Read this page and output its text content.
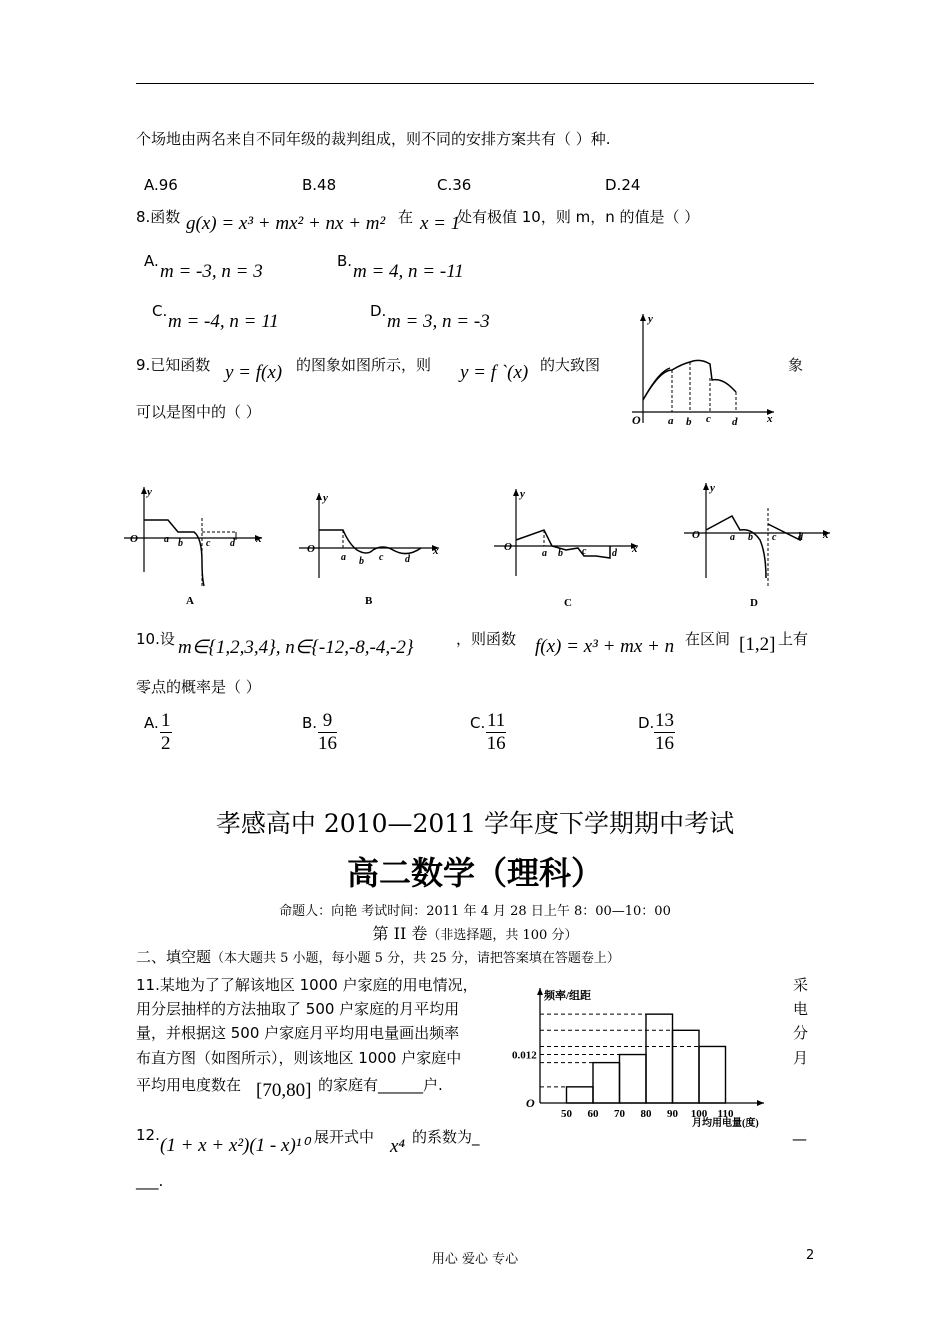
个场地由两名来自不同年级的裁判组成，则不同的安排方案共有（ ）种.
A.96	B.48	C.36	D.24
8.函数 g(x) = x³ + mx² + nx + m² 在 x = 1
处有极值 10，则 m，n 的值是（ ）
A. m = -3, n = 3	B. m = 4, n = -11
C. m = -4, n = 11	D. m = 3, n = -3
9.已知函数 y = f(x) 的图象如图所示，则 y = f `(x) 的大致图	象
可以是图中的（ ）
y
O	x
a b c d
y
O	x
a b c d
A
y
O	x
a b c d
B
y
O	x
a b c	d
C
y
O	x
a b c d
D
10.设 m∈{1,2,3,4}, n∈{-12,-8,-4,-2}	，则函数 f(x) = x³ + mx + n 在区间 [1,2] 上有
零点的概率是（ ）
A. $\frac{1}{2}$	B. $\frac{9}{16}$	C. $\frac{11}{16}$	D. $\frac{13}{16}$
孝感高中 2010—2011 学年度下学期期中考试
高二数学（理科）
命题人：向艳 考试时间：2011 年 4 月 28 日上午 8：00—10：00
第 II 卷（非选择题，共 100 分）
二、填空题（本大题共 5 小题，每小题 5 分，共 25 分，请把答案填在答题卷上）
11.某地为了了解该地区 1000 户家庭的用电情况，
用分层抽样的方法抽取了 500 户家庭的月平均用
量，并根据这 500 户家庭月平均用电量画出频率
布直方图（如图所示），则该地区 1000 户家庭中
平均用电度数在 [70,80] 的家庭有______户.
采
电
分
月
频率/组距
O
0.012
50 60 70 80 90 100 110
月均用电量(度)
12. (1 + x + x²)(1 - x)¹⁰ 展开式中 x⁴ 的系数为_	—
___.
用心 爱心 专心	2
